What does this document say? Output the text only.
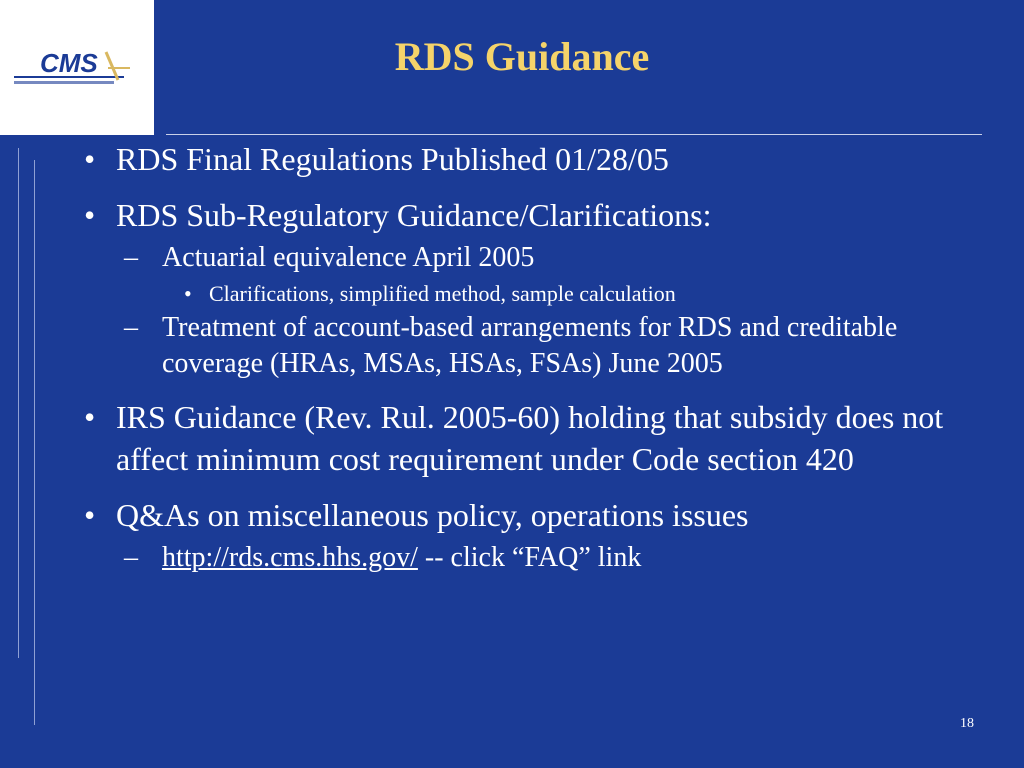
CMS	RDS Guidance
• RDS Final Regulations Published 01/28/05
• RDS Sub-Regulatory Guidance/Clarifications:
– Actuarial equivalence April 2005
• Clarifications, simplified method, sample calculation
– Treatment of account-based arrangements for RDS and creditable coverage (HRAs, MSAs, HSAs, FSAs) June 2005
• IRS Guidance (Rev. Rul. 2005-60) holding that subsidy does not affect minimum cost requirement under Code section 420
• Q&As on miscellaneous policy, operations issues
– http://rds.cms.hhs.gov/ -- click “FAQ” link
18
